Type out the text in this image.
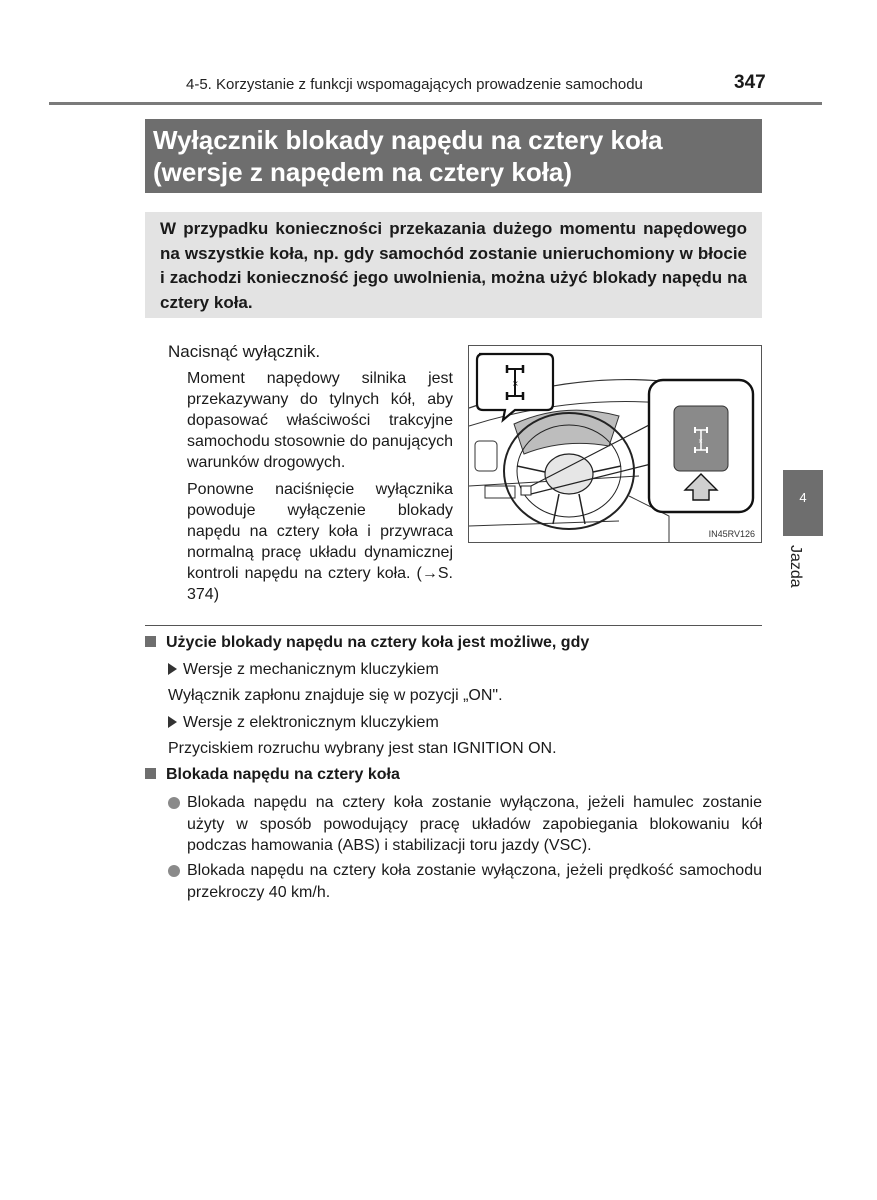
4-5. Korzystanie z funkcji wspomagających prowadzenie samochodu	347
Wyłącznik blokady napędu na cztery koła
(wersje z napędem na cztery koła)
W przypadku konieczności przekazania dużego momentu napędowego na wszystkie koła, np. gdy samochód zostanie unieruchomiony w błocie i zachodzi konieczność jego uwolnienia, można użyć blokady napędu na cztery koła.
Nacisnąć wyłącznik.

Moment napędowy silnika jest przekazywany do tylnych kół, aby dopasować właściwości trakcyjne samochodu stosownie do panujących warunków drogowych.

Ponowne naciśnięcie wyłącznika powoduje wyłączenie blokady napędu na cztery koła i przywraca normalną pracę układu dynamicznej kontroli napędu na cztery koła. (→S. 374)

×
×
IN45RV126
4
Jazda
Użycie blokady napędu na cztery koła jest możliwe, gdy
Wersje z mechanicznym kluczykiem
Wyłącznik zapłonu znajduje się w pozycji „ON".
Wersje z elektronicznym kluczykiem
Przyciskiem rozruchu wybrany jest stan IGNITION ON.
Blokada napędu na cztery koła
Blokada napędu na cztery koła zostanie wyłączona, jeżeli hamulec zostanie użyty w sposób powodujący pracę układów zapobiegania blokowaniu kół podczas hamowania (ABS) i stabilizacji toru jazdy (VSC).
Blokada napędu na cztery koła zostanie wyłączona, jeżeli prędkość samochodu przekroczy 40 km/h.
